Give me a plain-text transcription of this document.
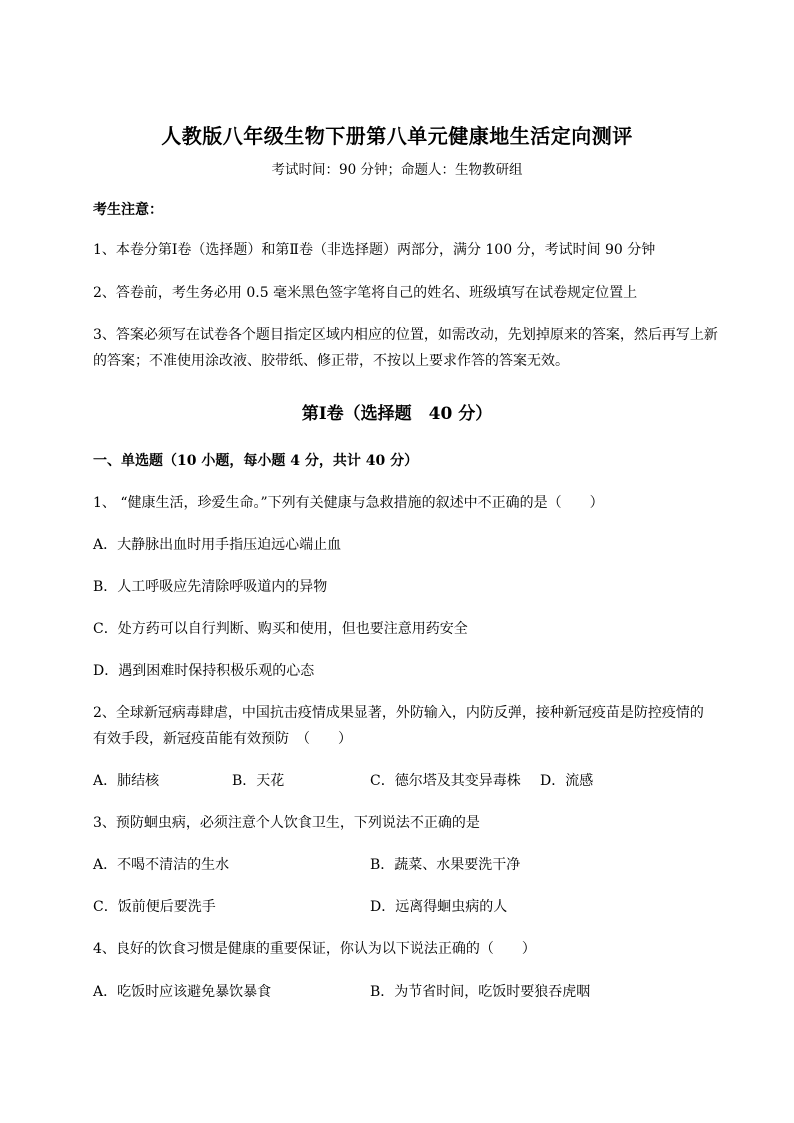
人教版八年级生物下册第八单元健康地生活定向测评
考试时间：90 分钟；命题人：生物教研组
考生注意：
1、本卷分第Ⅰ卷（选择题）和第Ⅱ卷（非选择题）两部分，满分 100 分，考试时间 90 分钟
2、答卷前，考生务必用 0.5 毫米黑色签字笔将自己的姓名、班级填写在试卷规定位置上
3、答案必须写在试卷各个题目指定区域内相应的位置，如需改动，先划掉原来的答案，然后再写上新
的答案；不准使用涂改液、胶带纸、修正带，不按以上要求作答的答案无效。
第Ⅰ卷（选择题　40 分）
一、单选题（10 小题，每小题 4 分，共计 40 分）
1、 “健康生活，珍爱生命。”下列有关健康与急救措施的叙述中不正确的是（　　）
A．大静脉出血时用手指压迫远心端止血
B．人工呼吸应先清除呼吸道内的异物
C．处方药可以自行判断、购买和使用，但也要注意用药安全
D．遇到困难时保持积极乐观的心态
2、全球新冠病毒肆虐，中国抗击疫情成果显著，外防输入，内防反弹，接种新冠疫苗是防控疫情的
有效手段，新冠疫苗能有效预防　（　　）
A．肺结核	B．天花	C．德尔塔及其变异毒株 D．流感
3、预防蛔虫病，必须注意个人饮食卫生，下列说法不正确的是
A．不喝不清洁的生水	B．蔬菜、水果要洗干净
C．饭前便后要洗手	D．远离得蛔虫病的人
4、良好的饮食习惯是健康的重要保证，你认为以下说法正确的（　　）
A．吃饭时应该避免暴饮暴食	B．为节省时间，吃饭时要狼吞虎咽
